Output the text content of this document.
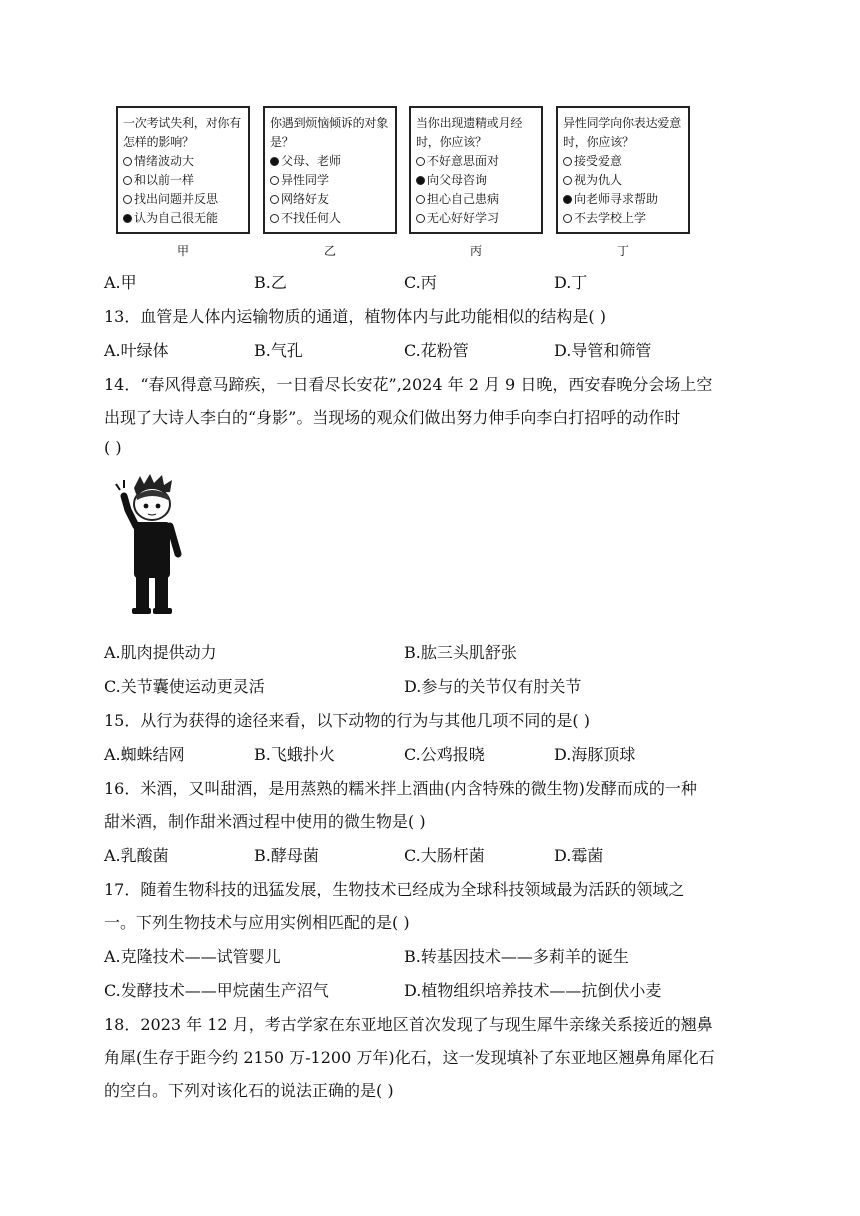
一次考试失利，对你有怎样的影响？
情绪波动大
和以前一样
找出问题并反思
认为自己很无能
甲
你遇到烦恼倾诉的对象是？
父母、老师
异性同学
网络好友
不找任何人
乙
当你出现遗精或月经时，你应该？
不好意思面对
向父母咨询
担心自己患病
无心好好学习
丙
异性同学向你表达爱意时，你应该？
接受爱意
视为仇人
向老师寻求帮助
不去学校上学
丁
A.甲	B.乙	C.丙	D.丁
13．血管是人体内运输物质的通道，植物体内与此功能相似的结构是( )
A.叶绿体	B.气孔	C.花粉管	D.导管和筛管
14．“春风得意马蹄疾，一日看尽长安花”,2024 年 2 月 9 日晚，西安春晚分会场上空
出现了大诗人李白的“身影”。当现场的观众们做出努力伸手向李白打招呼的动作时
( )
A.肌肉提供动力	B.肱三头肌舒张
C.关节囊使运动更灵活	D.参与的关节仅有肘关节
15．从行为获得的途径来看，以下动物的行为与其他几项不同的是( )
A.蜘蛛结网	B.飞蛾扑火	C.公鸡报晓	D.海豚顶球
16．米酒，又叫甜酒，是用蒸熟的糯米拌上酒曲(内含特殊的微生物)发酵而成的一种
甜米酒，制作甜米酒过程中使用的微生物是( )
A.乳酸菌	B.酵母菌	C.大肠杆菌	D.霉菌
17．随着生物科技的迅猛发展，生物技术已经成为全球科技领域最为活跃的领域之
一。下列生物技术与应用实例相匹配的是( )
A.克隆技术——试管婴儿	B.转基因技术——多莉羊的诞生
C.发酵技术——甲烷菌生产沼气	D.植物组织培养技术——抗倒伏小麦
18．2023 年 12 月，考古学家在东亚地区首次发现了与现生犀牛亲缘关系接近的翘鼻
角犀(生存于距今约 2150 万-1200 万年)化石，这一发现填补了东亚地区翘鼻角犀化石
的空白。下列对该化石的说法正确的是( )
